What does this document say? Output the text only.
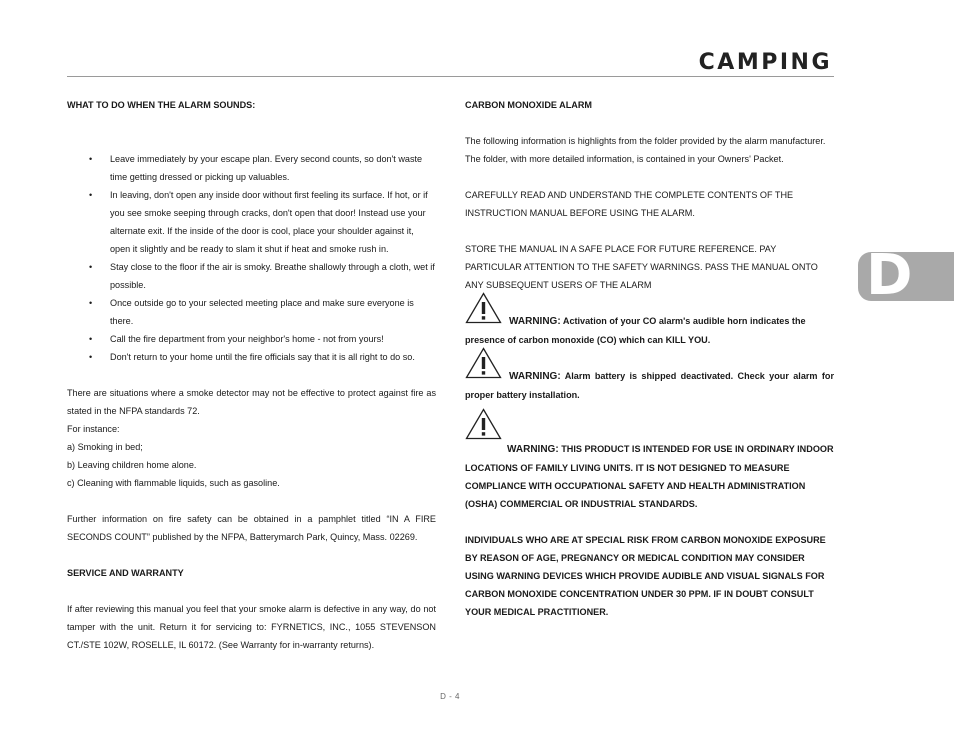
CAMPING
D

WHAT TO DO WHEN THE ALARM SOUNDS:

• Leave immediately by your escape plan. Every second counts, so don't waste time getting dressed or picking up valuables.
• In leaving, don't open any inside door without first feeling its surface. If hot, or if you see smoke seeping through cracks, don't open that door! Instead use your alternate exit. If the inside of the door is cool, place your shoulder against it, open it slightly and be ready to slam it shut if heat and smoke rush in.
• Stay close to the floor if the air is smoky. Breathe shallowly through a cloth, wet if possible.
• Once outside go to your selected meeting place and make sure everyone is there.
• Call the fire department from your neighbor's home - not from yours!
• Don't return to your home until the fire officials say that it is all right to do so.

There are situations where a smoke detector may not be effective to protect against fire as stated in the NFPA standards 72.

For instance:

a) Smoking in bed;

b) Leaving children home alone.

c) Cleaning with flammable liquids, such as gasoline.

Further information on fire safety can be obtained in a pamphlet titled “IN A FIRE SECONDS COUNT” published by the NFPA, Batterymarch Park, Quincy, Mass. 02269.

SERVICE AND WARRANTY

If after reviewing this manual you feel that your smoke alarm is defective in any way, do not tamper with the unit. Return it for servicing to: FYRNETICS, INC., 1055 STEVENSON CT./STE 102W, ROSELLE, IL 60172. (See Warranty for in-warranty returns).

CARBON MONOXIDE ALARM

The following information is highlights from the folder provided by the alarm manufacturer. The folder, with more detailed information, is contained in your Owners' Packet.

CAREFULLY READ AND UNDERSTAND THE COMPLETE CONTENTS OF THE INSTRUCTION MANUAL BEFORE USING THE ALARM.

STORE THE MANUAL IN A SAFE PLACE FOR FUTURE REFERENCE. PAY PARTICULAR ATTENTION TO THE SAFETY WARNINGS. PASS THE MANUAL ONTO ANY SUBSEQUENT USERS OF THE ALARM

WARNING: Activation of your CO alarm's audible horn indicates the presence of carbon monoxide (CO) which can KILL YOU.

WARNING: Alarm battery is shipped deactivated. Check your alarm for proper battery installation.

WARNING: THIS PRODUCT IS INTENDED FOR USE IN ORDINARY INDOOR LOCATIONS OF FAMILY LIVING UNITS. IT IS NOT DESIGNED TO MEASURE COMPLIANCE WITH OCCUPATIONAL SAFETY AND HEALTH ADMINISTRATION (OSHA) COMMERCIAL OR INDUSTRIAL STANDARDS.

INDIVIDUALS WHO ARE AT SPECIAL RISK FROM CARBON MONOXIDE EXPOSURE BY REASON OF AGE, PREGNANCY OR MEDICAL CONDITION MAY CONSIDER USING WARNING DEVICES WHICH PROVIDE AUDIBLE AND VISUAL SIGNALS FOR CARBON MONOXIDE CONCENTRATION UNDER 30 PPM. IF IN DOUBT CONSULT YOUR MEDICAL PRACTITIONER.

D - 4
